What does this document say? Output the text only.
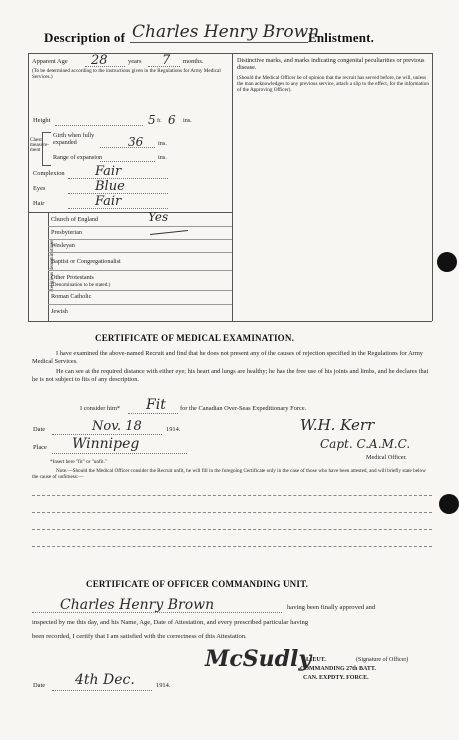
Description of Charles Henry Brown
Enlistment.
Apparent Age 28	years 7 months.
(To be determined according to the instructions given in the Regulations for Army Medical Services.)
Distinctive marks, and marks indicating congenital peculiarities or previous disease.
(Should the Medical Officer be of opinion that the recruit has served before, he will, unless the man acknowledges to any previous service, attach a slip to the effect, for the information of the Approving Officer).
Height	5 ft. 6 ins.
Chest measure-ment
Girth when fully expanded	36 ins.
Range of expansion	ins.
Complexion Fair
Eyes	Blue
Hair	Fair
Religious denominations.
Church of England	Yes
Presbyterian
Wesleyan
Baptist or Congregationalist
Other Protestants
(Denomination to be stated.)
Roman Catholic
Jewish
CERTIFICATE OF MEDICAL EXAMINATION.
I have examined the above-named Recruit and find that he does not present any of the causes of rejection specified in the Regulations for Army Medical Services.
He can see at the required distance with either eye; his heart and lungs are healthy; he has the free use of his joints and limbs, and he declares that he is not subject to fits of any description.
I consider him* Fit for the Canadian Over-Seas Expeditionary Force.
Date	Nov. 18	1914.	W.H. Kerr
Place Winnipeg	Capt. C.A.M.C.
Medical Officer.
*Insert here "fit" or "unfit."
Note.—Should the Medical Officer consider the Recruit unfit, he will fill in the foregoing Certificate only in the case of those who have been attested, and will briefly state below the cause of unfitness:—
CERTIFICATE OF OFFICER COMMANDING UNIT.
Charles Henry Brown	having been finally approved and
inspected by me this day, and his Name, Age, Date of Attestation, and every prescribed particular having
been recorded, I certify that I am satisfied with the correctness of this Attestation.
McSudly	(Signature of Officer)
LIEUT.
COMMANDING 27th BATT.
CAN. EXPDTY. FORCE.
Date 4th Dec.	1914.
